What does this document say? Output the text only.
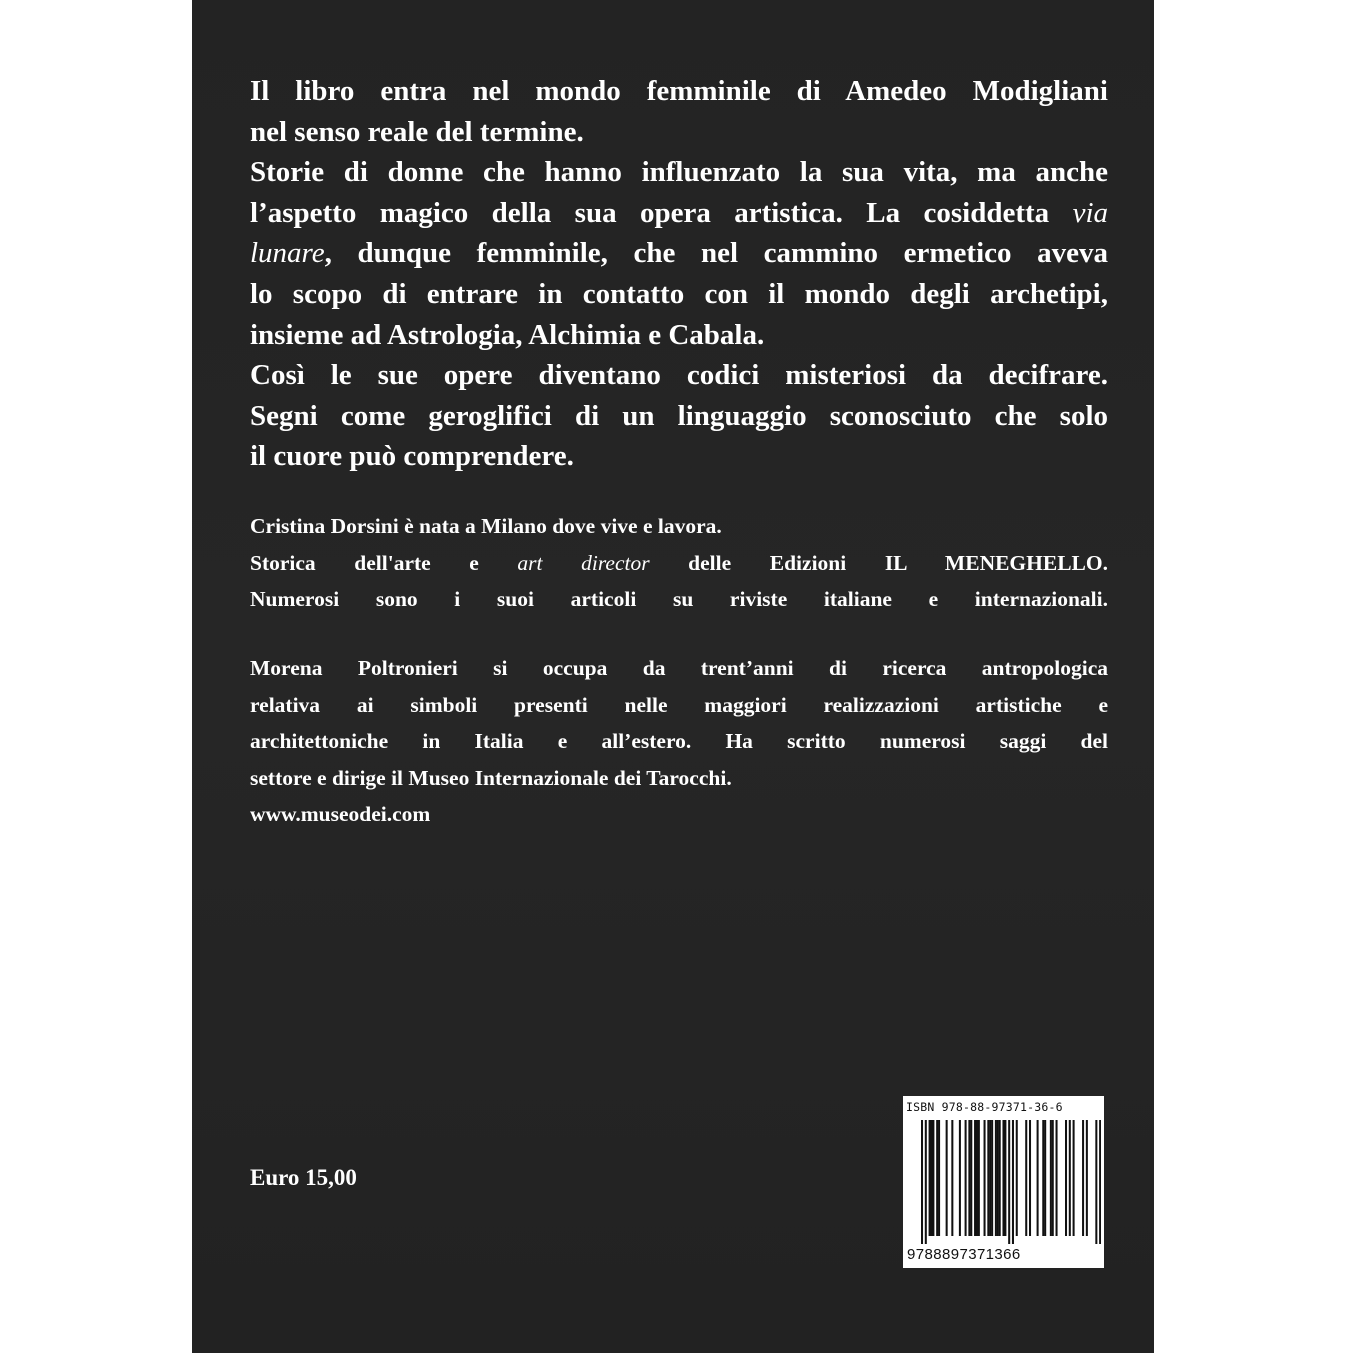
Il libro entra nel mondo femminile di Amedeo Modigliani
nel senso reale del termine.
Storie di donne che hanno influenzato la sua vita, ma anche
l’aspetto magico della sua opera artistica. La cosiddetta via
lunare, dunque femminile, che nel cammino ermetico aveva
lo scopo di entrare in contatto con il mondo degli archetipi,
insieme ad Astrologia, Alchimia e Cabala.
Così le sue opere diventano codici misteriosi da decifrare.
Segni come geroglifici di un linguaggio sconosciuto che solo
il cuore può comprendere.
Cristina Dorsini è nata a Milano dove vive e lavora.
Storica dell'arte e art director delle Edizioni IL MENEGHELLO.
Numerosi sono i suoi articoli su riviste italiane e internazionali.
Morena Poltronieri si occupa da trent’anni di ricerca antropologica
relativa ai simboli presenti nelle maggiori realizzazioni artistiche e
architettoniche in Italia e all’estero. Ha scritto numerosi saggi del
settore e dirige il Museo Internazionale dei Tarocchi.
www.museodei.com
Euro 15,00
ISBN 978-88-97371-36-6
9788897371366
